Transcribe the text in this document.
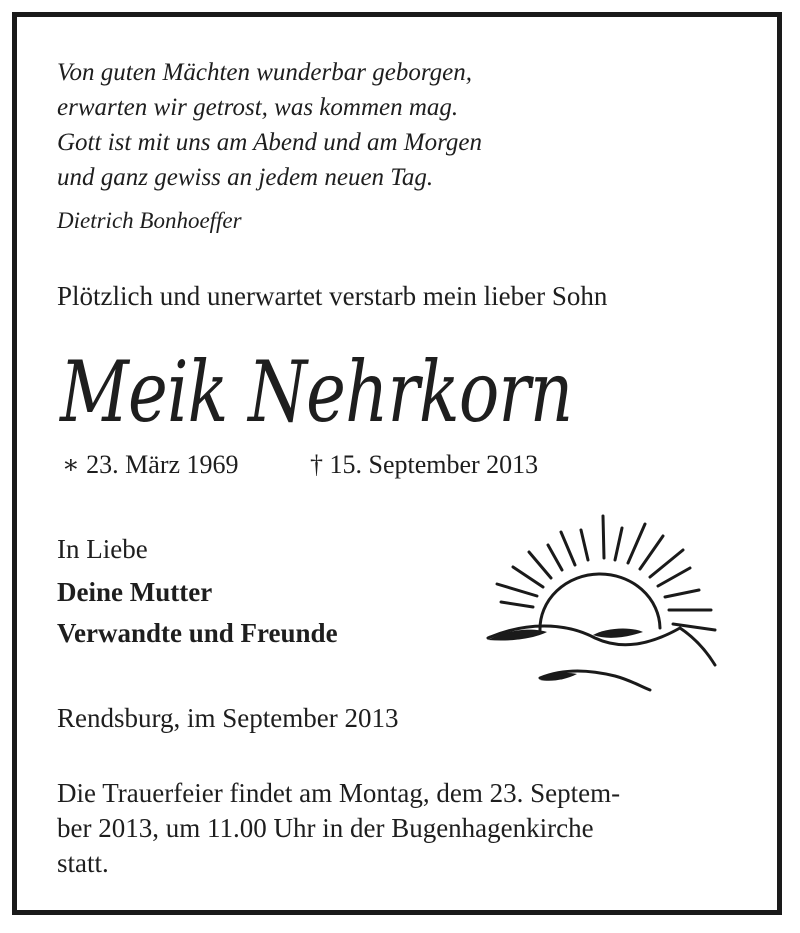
Von guten Mächten wunderbar geborgen,

erwarten wir getrost, was kommen mag.

Gott ist mit uns am Abend und am Morgen

und ganz gewiss an jedem neuen Tag.

Dietrich Bonhoeffer

Plötzlich und unerwartet verstarb mein lieber Sohn

Meik Nehrkorn

∗ 23. März 1969	† 15. September 2013

In Liebe

Deine Mutter

Verwandte und Freunde

Rendsburg, im September 2013

Die Trauerfeier findet am Montag, dem 23. Septem-

ber 2013, um 11.00 Uhr in der Bugenhagenkirche

statt.
